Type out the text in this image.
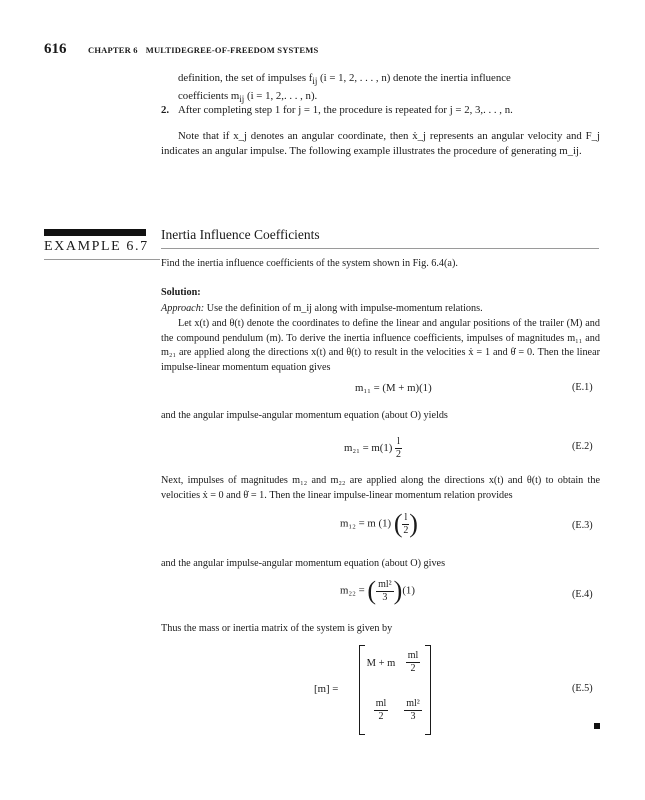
616	CHAPTER 6 MULTIDEGREE-OF-FREEDOM SYSTEMS
definition, the set of impulses $f_{ij}$ (i = 1, 2, . . . , n) denote the inertia influence
coefficients $m_{ij}$ (i = 1, 2,. . . , n).
2. After completing step 1 for j = 1, the procedure is repeated for j = 2, 3,. . . , n.
Note that if x_j denotes an angular coordinate, then ẋ_j represents an angular velocity and F_j indicates an angular impulse. The following example illustrates the procedure of generating m_ij.
EXAMPLE 6.7
Inertia Influence Coefficients
Find the inertia influence coefficients of the system shown in Fig. 6.4(a).
Solution:
Approach: Use the definition of m_ij along with impulse-momentum relations.
Let x(t) and θ(t) denote the coordinates to define the linear and angular positions of the trailer (M) and the compound pendulum (m). To derive the inertia influence coefficients, impulses of magnitudes m₁₁ and m₂₁ are applied along the directions x(t) and θ(t) to result in the velocities ẋ = 1 and θ̇ = 0. Then the linear impulse-linear momentum equation gives
m₁₁ = (M + m)(1)	(E.1)
and the angular impulse-angular momentum equation (about O) yields
$m_{21} = m(1) \frac{l}{2}$	(E.2)
Next, impulses of magnitudes m₁₂ and m₂₂ are applied along the directions x(t) and θ(t) to obtain the velocities ẋ = 0 and θ̇ = 1. Then the linear impulse-linear momentum relation provides
m₁₂ = m (1) ( $\frac{l}{2}$ )	(E.3)
and the angular impulse-angular momentum equation (about O) gives
m₂₂ = ( $\frac{\text{ml²}}{3} )(1)$	(E.4)
Thus the mass or inertia matrix of the system is given by
[m] =
M + m $\frac{ml}{2}$
$\frac{ml}{2} \frac{\text{ml²}}{3}$
(E.5)
